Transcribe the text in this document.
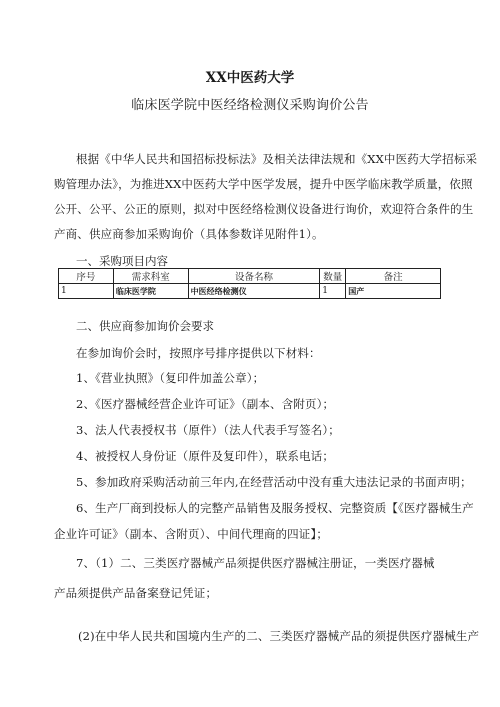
XX中医药大学
临床医学院中医经络检测仪采购询价公告
根据《中华人民共和国招标投标法》及相关法律法规和《XX中医药大学招标采
购管理办法》，为推进XX中医药大学中医学发展，提升中医学临床教学质量，依照
公开、公平、公正的原则，拟对中医经络检测仪设备进行询价，欢迎符合条件的生
产商、供应商参加采购询价（具体参数详见附件1）。
一、采购项目内容
序号	需求科室	设备名称	数量	备注
1	临床医学院	中医经络检测仪	1	国产
二、供应商参加询价会要求
在参加询价会时，按照序号排序提供以下材料：
1、《营业执照》（复印件加盖公章）；
2、《医疗器械经营企业许可证》（副本、含附页）；
3、法人代表授权书（原件）（法人代表手写签名）；
4、被授权人身份证（原件及复印件），联系电话；
5、参加政府采购活动前三年内,在经营活动中没有重大违法记录的书面声明；
6、生产厂商到投标人的完整产品销售及服务授权、完整资质【《医疗器械生产
企业许可证》（副本、含附页）、中间代理商的四证】；
7、（1）二、三类医疗器械产品须提供医疗器械注册证，一类医疗器械
产品须提供产品备案登记凭证；
(2)在中华人民共和国境内生产的二、三类医疗器械产品的须提供医疗器械生产
